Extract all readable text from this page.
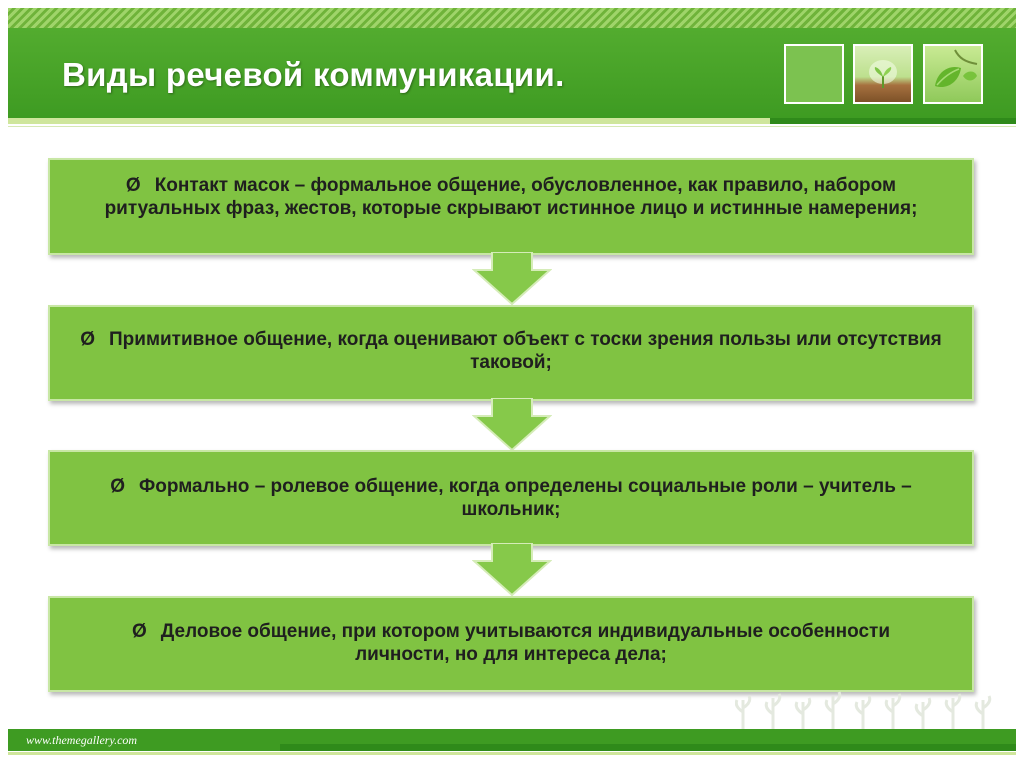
Виды речевой коммуникации.
Ø Контакт масок – формальное общение, обусловленное, как правило, набором ритуальных фраз, жестов, которые скрывают истинное лицо и истинные намерения;
Ø Примитивное общение, когда оценивают объект с тоски зрения пользы или отсутствия таковой;
Ø Формально – ролевое общение, когда определены социальные роли – учитель – школьник;
Ø Деловое общение, при котором учитываются индивидуальные особенности личности, но для интереса дела;
www.themegallery.com
